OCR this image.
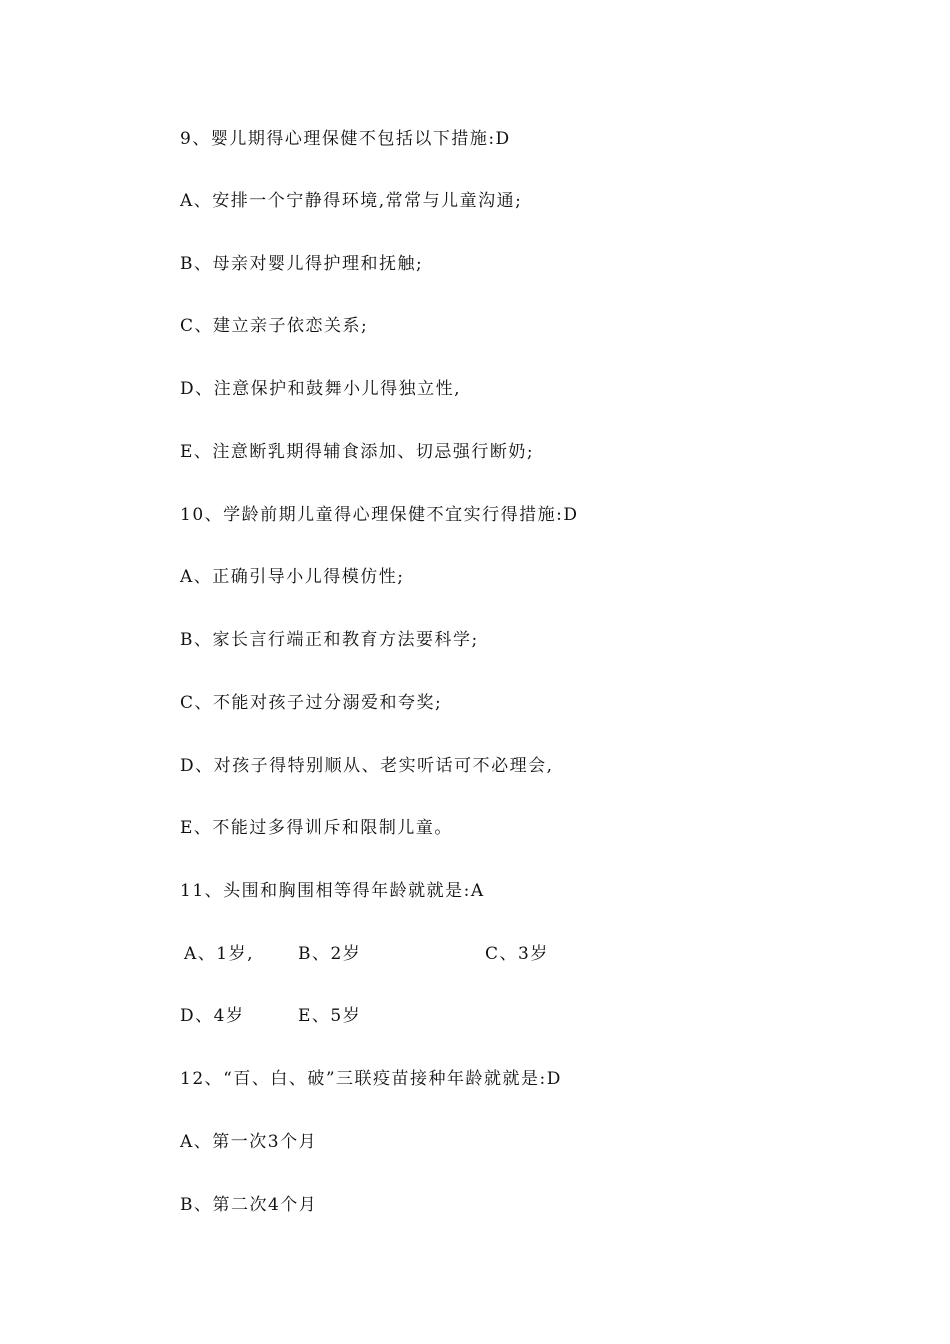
9、婴儿期得心理保健不包括以下措施:D
A、安排一个宁静得环境,常常与儿童沟通;
B、母亲对婴儿得护理和抚触;
C、建立亲子依恋关系;
D、注意保护和鼓舞小儿得独立性,
E、注意断乳期得辅食添加、切忌强行断奶;
10、学龄前期儿童得心理保健不宜实行得措施:D
A、正确引导小儿得模仿性;
B、家长言行端正和教育方法要科学;
C、不能对孩子过分溺爱和夸奖;
D、对孩子得特别顺从、老实听话可不必理会,
E、不能过多得训斥和限制儿童。
11、头围和胸围相等得年龄就就是:A

A、1岁,

	B、2岁

	C、3岁

D、4岁

	E、5岁

12、“百、白、破”三联疫苗接种年龄就就是:D
A、第一次3个月
B、第二次4个月
